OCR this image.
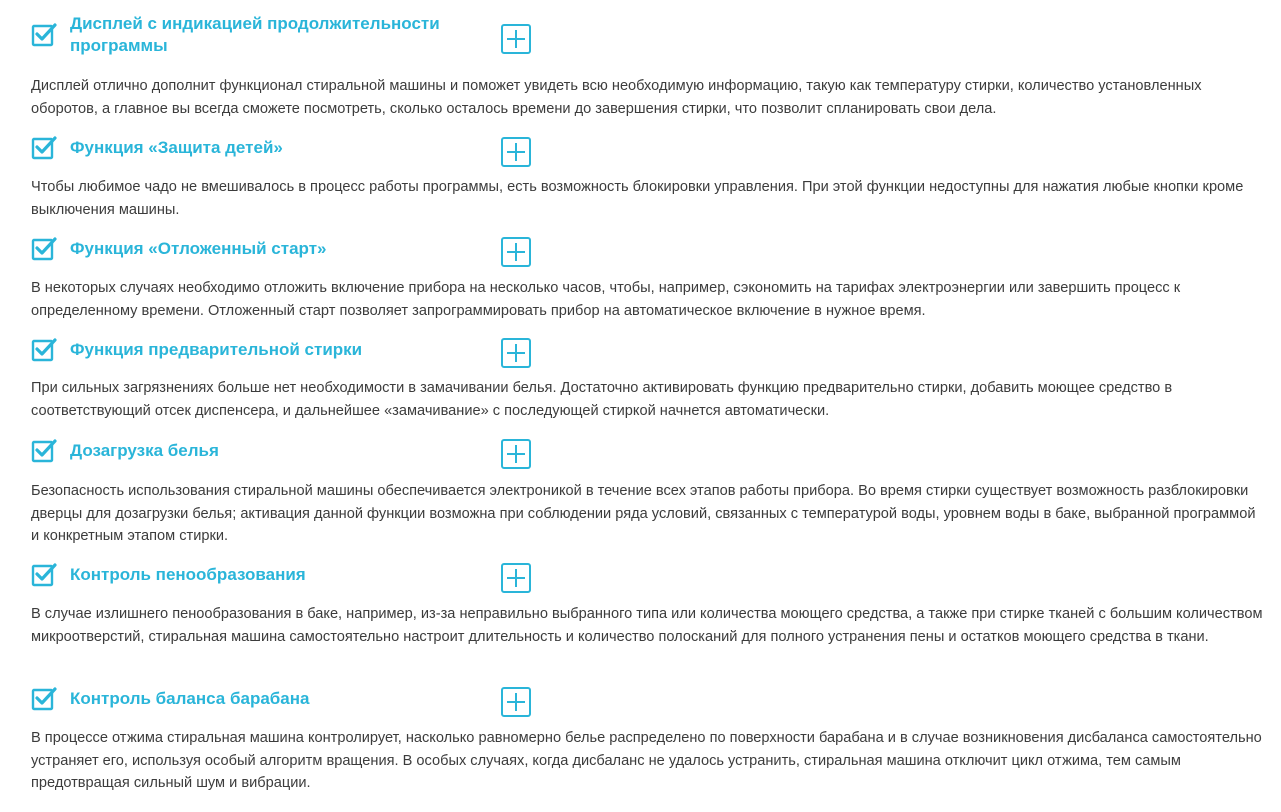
Дисплей с индикацией продолжительности программы

Дисплей отлично дополнит функционал стиральной машины и поможет увидеть всю необходимую информацию, такую как температуру стирки, количество установленных оборотов, а главное вы всегда сможете посмотреть, сколько осталось времени до завершения стирки, что позволит спланировать свои дела.

Функция «Защита детей»

Чтобы любимое чадо не вмешивалось в процесс работы программы, есть возможность блокировки управления. При этой функции недоступны для нажатия любые кнопки кроме выключения машины.

Функция «Отложенный старт»

В некоторых случаях необходимо отложить включение прибора на несколько часов, чтобы, например, сэкономить на тарифах электроэнергии или завершить процесс к определенному времени. Отложенный старт позволяет запрограммировать прибор на автоматическое включение в нужное время.

Функция предварительной стирки

При сильных загрязнениях больше нет необходимости в замачивании белья. Достаточно активировать функцию предварительно стирки, добавить моющее средство в соответствующий отсек диспенсера, и дальнейшее «замачивание» с последующей стиркой начнется автоматически.

Дозагрузка белья

Безопасность использования стиральной машины обеспечивается электроникой в течение всех этапов работы прибора. Во время стирки существует возможность разблокировки дверцы для дозагрузки белья; активация данной функции возможна при соблюдении ряда условий, связанных с температурой воды, уровнем воды в баке, выбранной программой и конкретным этапом стирки.

Контроль пенообразования

В случае излишнего пенообразования в баке, например, из-за неправильно выбранного типа или количества моющего средства, а также при стирке тканей с большим количеством микроотверстий, стиральная машина самостоятельно настроит длительность и количество полосканий для полного устранения пены и остатков моющего средства в ткани.

Контроль баланса барабана

В процессе отжима стиральная машина контролирует, насколько равномерно белье распределено по поверхности барабана и в случае возникновения дисбаланса самостоятельно устраняет его, используя особый алгоритм вращения. В особых случаях, когда дисбаланс не удалось устранить, стиральная машина отключит цикл отжима, тем самым предотвращая сильный шум и вибрации.
